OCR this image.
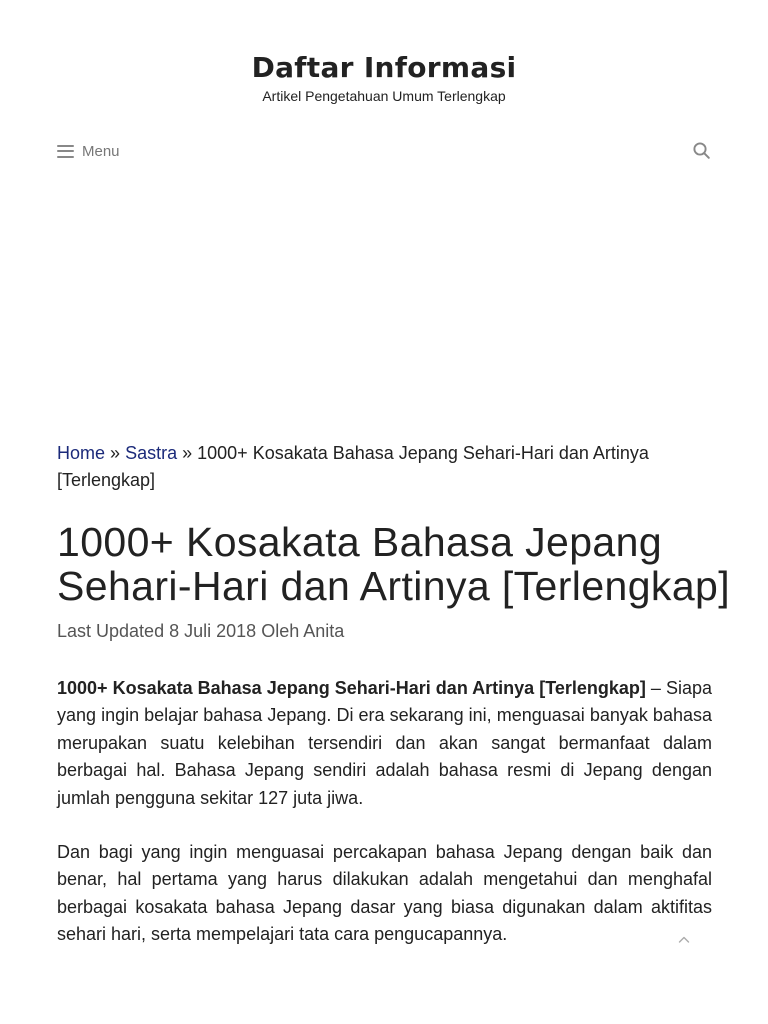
Daftar Informasi
Artikel Pengetahuan Umum Terlengkap
Menu
Home » Sastra » 1000+ Kosakata Bahasa Jepang Sehari-Hari dan Artinya [Terlengkap]
1000+ Kosakata Bahasa Jepang Sehari-Hari dan Artinya [Terlengkap]
Last Updated 8 Juli 2018 Oleh Anita

1000+ Kosakata Bahasa Jepang Sehari-Hari dan Artinya [Terlengkap] – Siapa yang ingin belajar bahasa Jepang. Di era sekarang ini, menguasai banyak bahasa merupakan suatu kelebihan tersendiri dan akan sangat bermanfaat dalam berbagai hal. Bahasa Jepang sendiri adalah bahasa resmi di Jepang dengan jumlah pengguna sekitar 127 juta jiwa.

Dan bagi yang ingin menguasai percakapan bahasa Jepang dengan baik dan benar, hal pertama yang harus dilakukan adalah mengetahui dan menghafal berbagai kosakata bahasa Jepang dasar yang biasa digunakan dalam aktifitas sehari hari, serta mempelajari tata cara pengucapannya.
